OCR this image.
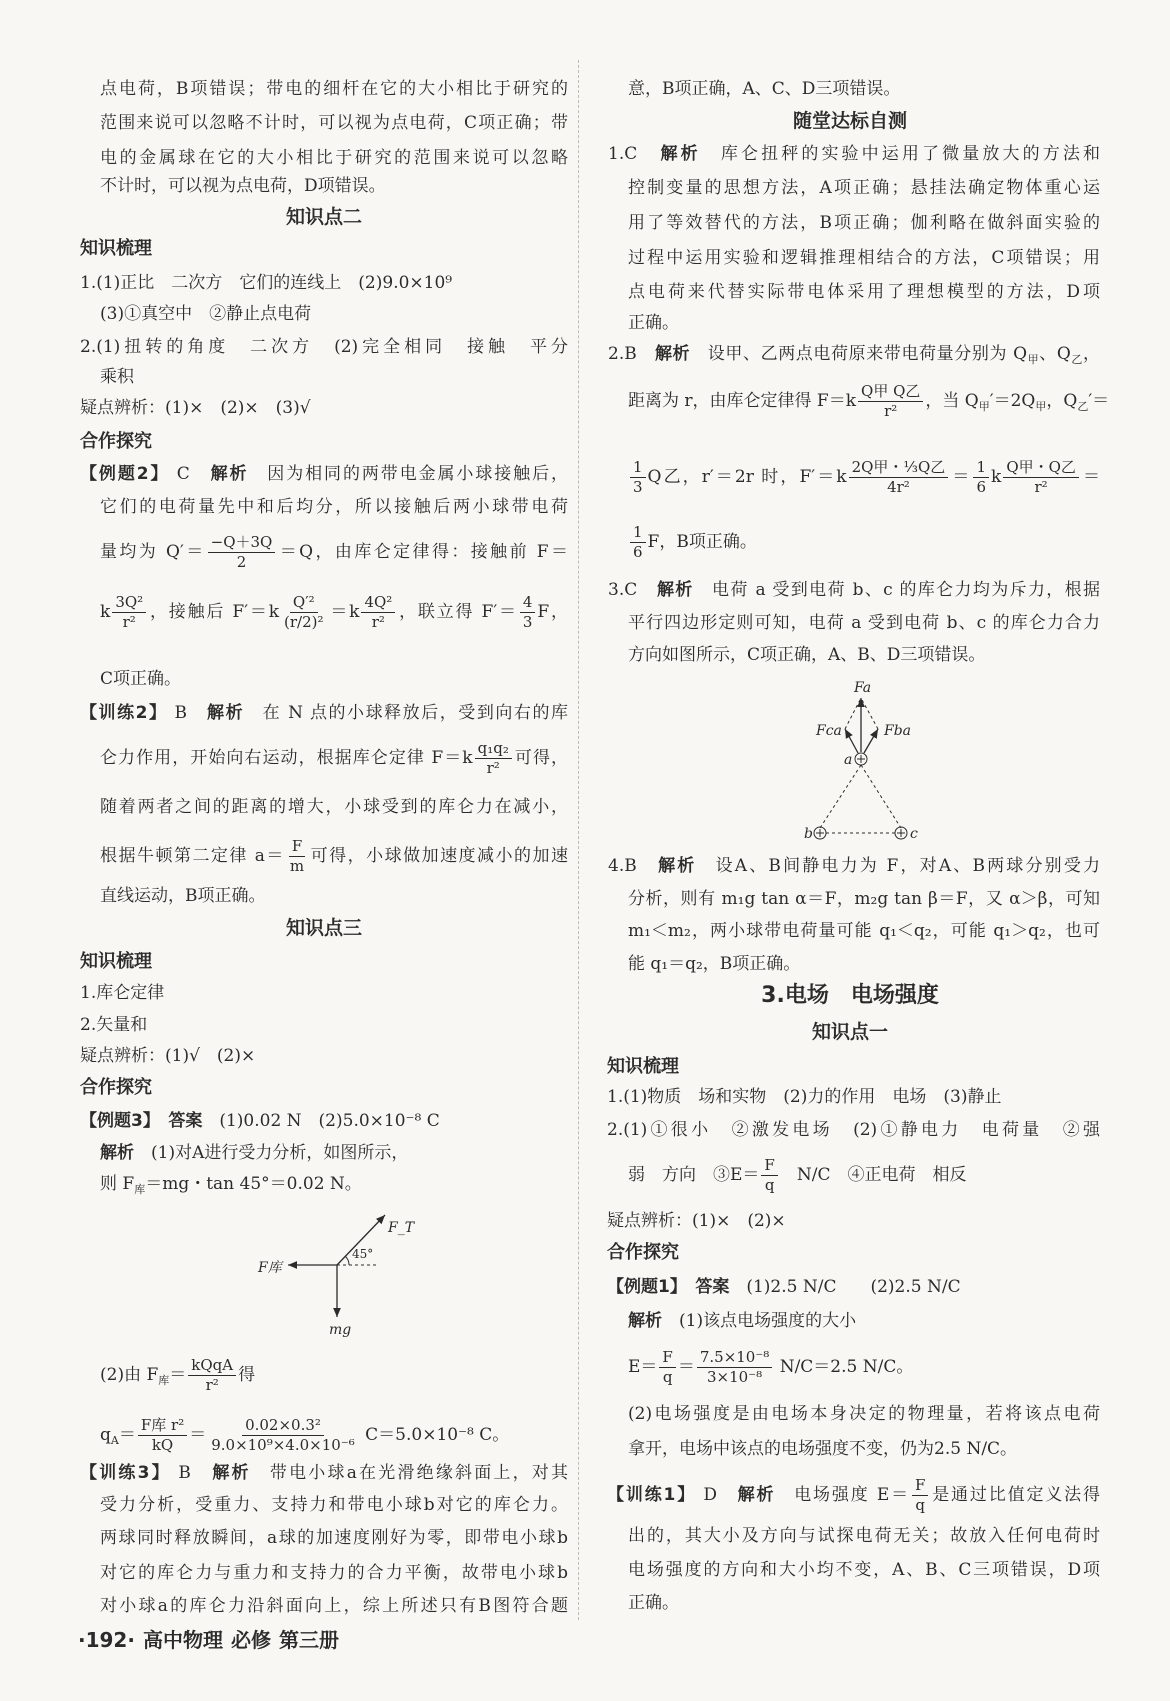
点电荷，B项错误；带电的细杆在它的大小相比于研究的
范围来说可以忽略不计时，可以视为点电荷，C项正确；带
电的金属球在它的大小相比于研究的范围来说可以忽略
不计时，可以视为点电荷，D项错误。
知识点二
知识梳理
1.(1)正比　二次方　它们的连线上　(2)9.0×10⁹
(3)①真空中　②静止点电荷
2.(1)扭转的角度　二次方　(2)完全相同　接触　平分
乘积
疑点辨析：(1)×　(2)×　(3)√
合作探究
【例题2】 C　解析　因为相同的两带电金属小球接触后，
它们的电荷量先中和后均分，所以接触后两小球带电荷
量均为 $Q'= \frac{-Q+3Q}{2} =Q$，由库仑定律得：接触前 F＝
k $\frac{\text{3Q²}}{\text{r²}}$ ，接触后 $F'=k \frac{\text{Q′²}}{\text{(r/2)²}} =k \frac{\text{4Q²}}{\text{r²}}$ ，联立得 $F'= \frac{4}{3}$ F，
C项正确。
【训练2】 B　解析　在 N 点的小球释放后，受到向右的库
仑力作用，开始向右运动，根据库仑定律 $F=k \frac{\text{q₁q₂}}{\text{r²}}$ 可得，
随着两者之间的距离的增大，小球受到的库仑力在减小，
根据牛顿第二定律 $a= \frac{F}{m}$ 可得，小球做加速度减小的加速
直线运动，B项正确。
知识点三
知识梳理
1.库仑定律
2.矢量和
疑点辨析：(1)√　(2)×
合作探究
【例题3】　 答案　(1)0.02 N　(2)5.0×10⁻⁸ C
解析　(1)对A进行受力分析，如图所示，
则 $F_库=mg$・tan 45°＝0.02 N。
(2)由 $F_库= \frac{\text{kQqA}}{\text{r²}}$ 得
$q_A= \frac{\text{F库 r²}}{kQ} = \frac{\text{0.02×0.3²}}{\text{9.0×10⁹×4.0×10⁻⁶}} C=5.0\times 10^{-8}$ C。
【训练3】 B　解析　带电小球a在光滑绝缘斜面上，对其
受力分析，受重力、支持力和带电小球b对它的库仑力。
两球同时释放瞬间，a球的加速度刚好为零，即带电小球b
对它的库仑力与重力和支持力的合力平衡，故带电小球b
对小球a的库仑力沿斜面向上，综上所述只有B图符合题
意，B项正确，A、C、D三项错误。
随堂达标自测
1.C　解析　库仑扭秤的实验中运用了微量放大的方法和
控制变量的思想方法，A项正确；悬挂法确定物体重心运
用了等效替代的方法，B项正确；伽利略在做斜面实验的
过程中运用实验和逻辑推理相结合的方法，C项错误；用
点电荷来代替实际带电体采用了理想模型的方法，D项
正确。
2.B　解析　设甲、乙两点电荷原来带电荷量分别为 $Q_甲$、$Q_乙$，
距离为 r，由库仑定律得 $F=k \frac{\text{Q甲 Q乙}}{\text{r²}}$ ，当 $Q_甲'=2Q_甲$，$Q_乙'=$
$\frac{1}{3}$ Q乙，r′＝2r 时，$F'=k \frac{\text{2Q甲・⅓Q乙}}{\text{4r²}} = \frac{1}{6}$ k $\frac{\text{Q甲・Q乙}}{\text{r²}}$ ＝
$\frac{1}{6}$ F，B项正确。
3.C　解析　电荷 a 受到电荷 b、c 的库仑力均为斥力，根据
平行四边形定则可知，电荷 a 受到电荷 b、c 的库仑力合力
方向如图所示，C项正确，A、B、D三项错误。
4.B　解析　设A、B间静电力为 F，对A、B两球分别受力
分析，则有 m₁g tan α＝F，m₂g tan β＝F，又 α＞β，可知
m₁＜m₂，两小球带电荷量可能 q₁＜q₂，可能 q₁＞q₂，也可
能 q₁＝q₂，B项正确。
3.电场　电场强度
知识点一
知识梳理
1.(1)物质　场和实物　(2)力的作用　电场　(3)静止
2.(1)①很小　②激发电场　(2)①静电力　电荷量　②强
弱　方向　③E＝ $\frac{F}{q}$ 　N/C　④正电荷　相反
疑点辨析：(1)×　(2)×
合作探究
【例题1】　 答案　(1)2.5 N/C　　(2)2.5 N/C
解析　(1)该点电场强度的大小
$E= \frac{F}{q} = \frac{\text{7.5×10⁻⁸}}{\text{3×10⁻⁸}} N/C=2.5$ N/C。
(2)电场强度是由电场本身决定的物理量，若将该点电荷
拿开，电场中该点的电场强度不变，仍为2.5 N/C。
【训练1】 D　解析　电场强度 $E= \frac{F}{q}$ 是通过比值定义法得
出的，其大小及方向与试探电荷无关；故放入任何电荷时
电场强度的方向和大小均不变，A、B、C三项错误，D项
正确。
F_T
F库
45°
mg
Fa
Fca	Fba
a
b	c
·192· 高中物理 必修 第三册
